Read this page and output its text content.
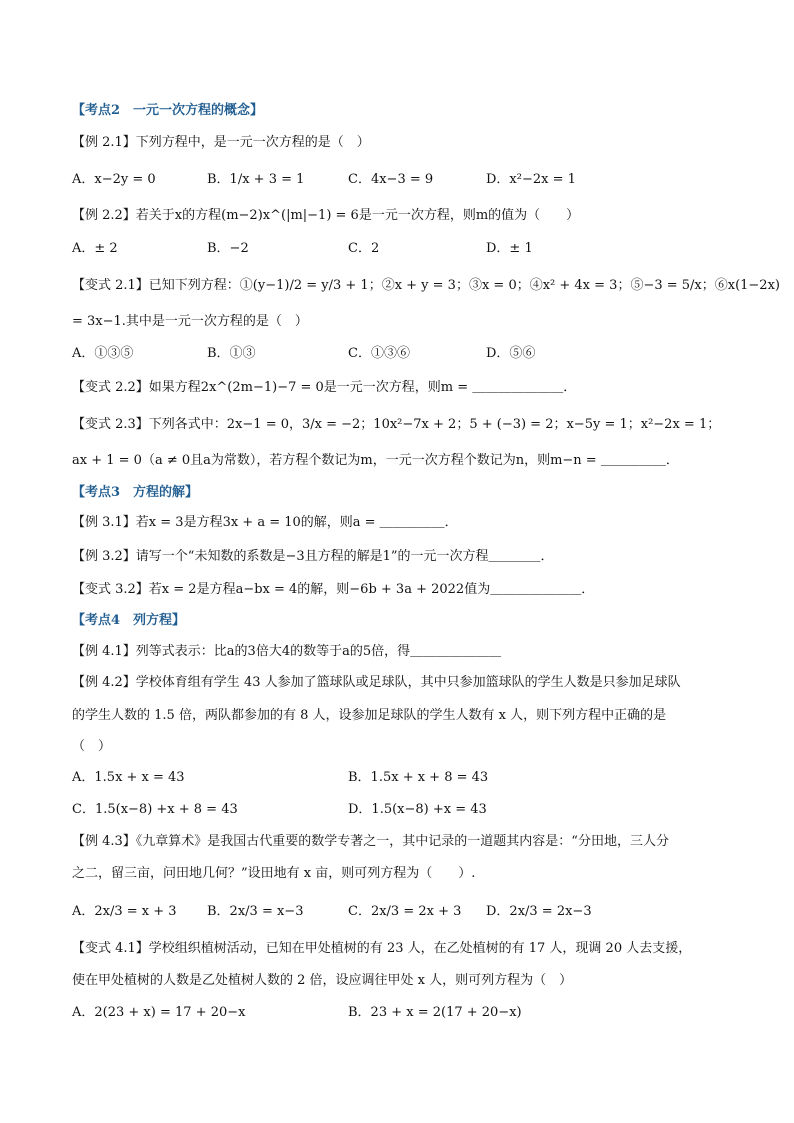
【考点2　一元一次方程的概念】
【例 2.1】下列方程中，是一元一次方程的是（　）
A．x−2y = 0	B．1/x + 3 = 1	C．4x−3 = 9	D．x²−2x = 1
【例 2.2】若关于x的方程(m−2)x^(|m|−1) = 6是一元一次方程，则m的值为（　　）
A．± 2	B．−2	C．2	D．± 1
【变式 2.1】已知下列方程：①(y−1)/2 = y/3 + 1；②x + y = 3；③x = 0；④x² + 4x = 3；⑤−3 = 5/x；⑥x(1−2x)
= 3x−1.其中是一元一次方程的是（　）
A．①③⑤	B．①③	C．①③⑥	D．⑤⑥
【变式 2.2】如果方程2x^(2m−1)−7 = 0是一元一次方程，则m = ＿＿＿＿＿＿＿．
【变式 2.3】下列各式中：2x−1 = 0，3/x = −2；10x²−7x + 2；5 + (−3) = 2；x−5y = 1；x²−2x = 1；
ax + 1 = 0（a ≠ 0且a为常数），若方程个数记为m，一元一次方程个数记为n，则m−n = ＿＿＿＿＿．
【考点3　方程的解】
【例 3.1】若x = 3是方程3x + a = 10的解，则a = ＿＿＿＿＿．
【例 3.2】请写一个“未知数的系数是−3且方程的解是1”的一元一次方程＿＿＿＿．
【变式 3.2】若x = 2是方程a−bx = 4的解，则−6b + 3a + 2022值为＿＿＿＿＿＿＿．
【考点4　列方程】
【例 4.1】列等式表示：比a的3倍大4的数等于a的5倍，得＿＿＿＿＿＿＿
【例 4.2】学校体育组有学生 43 人参加了篮球队或足球队，其中只参加篮球队的学生人数是只参加足球队
的学生人数的 1.5 倍，两队都参加的有 8 人，设参加足球队的学生人数有 x 人，则下列方程中正确的是
（　）
A．1.5x + x = 43	B．1.5x + x + 8 = 43
C．1.5(x−8) +x + 8 = 43	D．1.5(x−8) +x = 43
【例 4.3】《九章算术》是我国古代重要的数学专著之一，其中记录的一道题其内容是：“分田地，三人分
之二，留三亩，问田地几何？”设田地有 x 亩，则可列方程为（　　）.
A．2x/3 = x + 3 B．2x/3 = x−3	C．2x/3 = 2x + 3 D．2x/3 = 2x−3
【变式 4.1】学校组织植树活动，已知在甲处植树的有 23 人，在乙处植树的有 17 人，现调 20 人去支援，
使在甲处植树的人数是乙处植树人数的 2 倍，设应调往甲处 x 人，则可列方程为（　）
A．2(23 + x) = 17 + 20−x	B．23 + x = 2(17 + 20−x)
